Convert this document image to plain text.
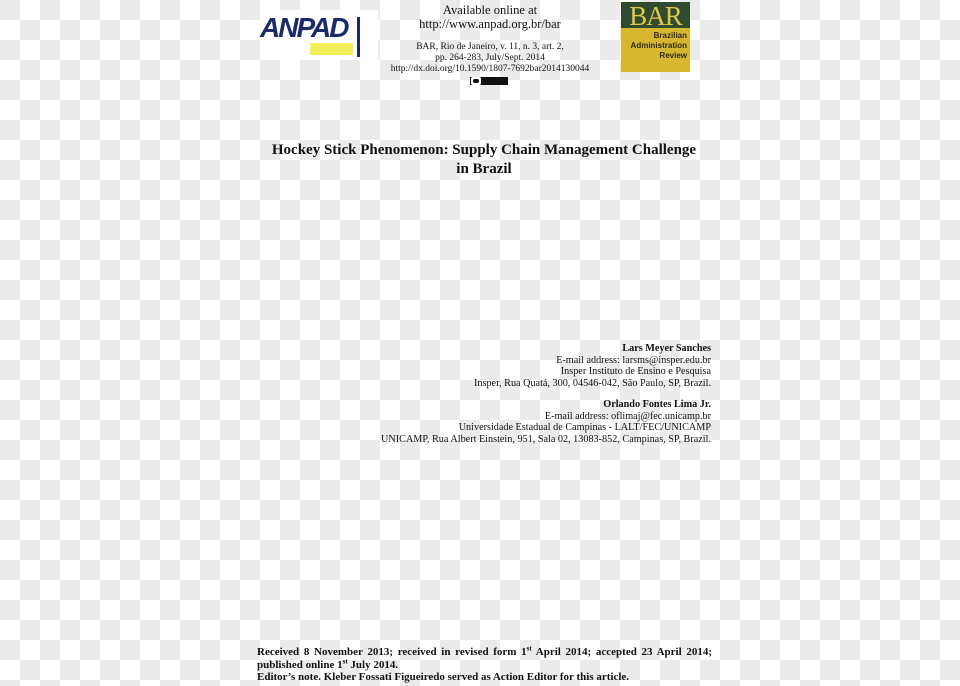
ANPAD
Available online at
http://www.anpad.org.br/bar
BAR, Rio de Janeiro, v. 11, n. 3, art. 2,
pp. 264-283, July/Sept. 2014
http://dx.doi.org/10.1590/1807-7692bar2014130044
BAR
Brazilian
Administration
Review
Hockey Stick Phenomenon: Supply Chain Management Challenge
in Brazil
Lars Meyer Sanches
E-mail address: larsms@insper.edu.br
Insper Instituto de Ensino e Pesquisa
Insper, Rua Quatá, 300, 04546-042, São Paulo, SP, Brazil.
Orlando Fontes Lima Jr.
E-mail address: oflimaj@fec.unicamp.br
Universidade Estadual de Campinas - LALT/FEC/UNICAMP
UNICAMP, Rua Albert Einstein, 951, Sala 02, 13083-852, Campinas, SP, Brazil.
Received 8 November 2013; received in revised form 1st April 2014; accepted 23 April 2014; published online 1st July 2014.
Editor’s note. Kleber Fossati Figueiredo served as Action Editor for this article.
